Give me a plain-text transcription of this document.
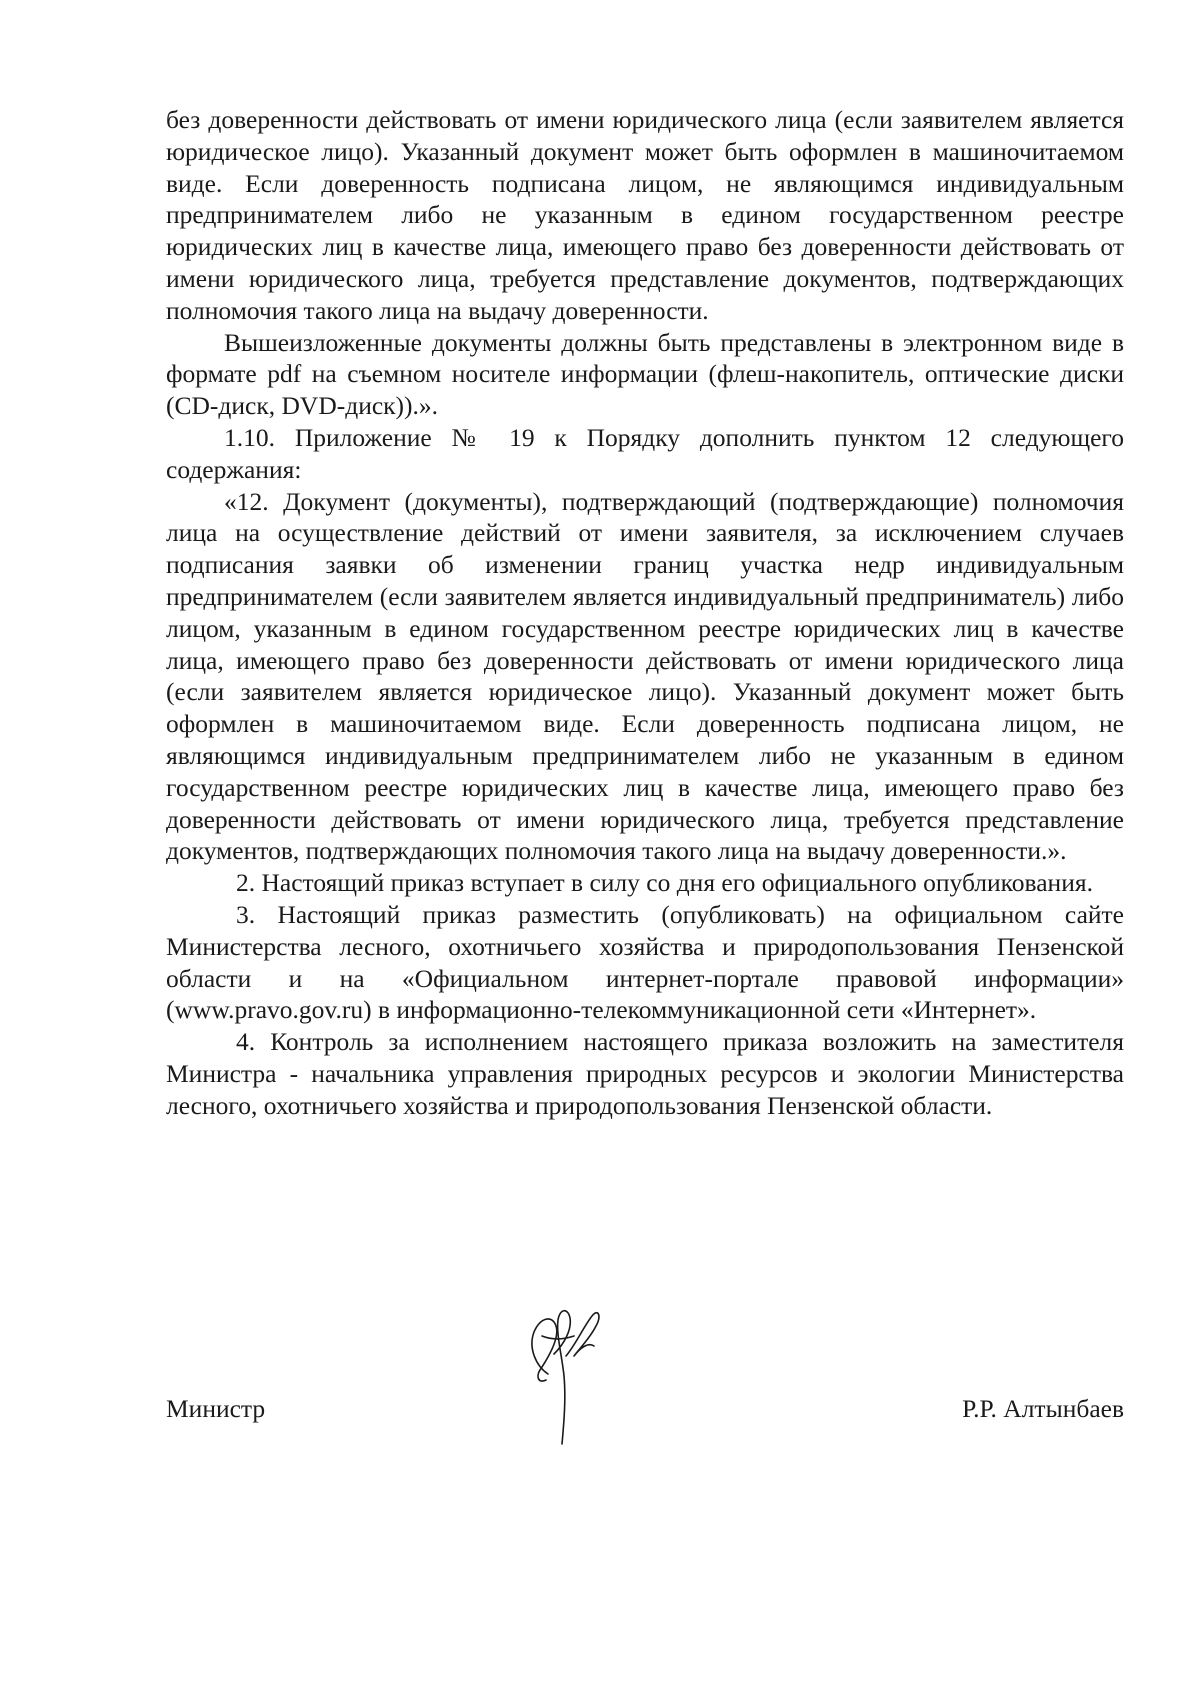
без доверенности действовать от имени юридического лица (если заявителем является юридическое лицо). Указанный документ может быть оформлен в машиночитаемом виде. Если доверенность подписана лицом, не являющимся индивидуальным предпринимателем либо не указанным в едином государственном реестре юридических лиц в качестве лица, имеющего право без доверенности действовать от имени юридического лица, требуется представление документов, подтверждающих полномочия такого лица на выдачу доверенности.

Вышеизложенные документы должны быть представлены в электронном виде в формате pdf на съемном носителе информации (флеш-накопитель, оптические диски (CD-диск, DVD-диск)).».

1.10. Приложение № 19 к Порядку дополнить пунктом 12 следующего содержания:

«12. Документ (документы), подтверждающий (подтверждающие) полномочия лица на осуществление действий от имени заявителя, за исключением случаев подписания заявки об изменении границ участка недр индивидуальным предпринимателем (если заявителем является индивидуальный предприниматель) либо лицом, указанным в едином государственном реестре юридических лиц в качестве лица, имеющего право без доверенности действовать от имени юридического лица (если заявителем является юридическое лицо). Указанный документ может быть оформлен в машиночитаемом виде. Если доверенность подписана лицом, не являющимся индивидуальным предпринимателем либо не указанным в едином государственном реестре юридических лиц в качестве лица, имеющего право без доверенности действовать от имени юридического лица, требуется представление документов, подтверждающих полномочия такого лица на выдачу доверенности.».

2. Настоящий приказ вступает в силу со дня его официального опубликования.

3. Настоящий приказ разместить (опубликовать) на официальном сайте Министерства лесного, охотничьего хозяйства и природопользования Пензенской области и на «Официальном интернет-портале правовой информации» (www.pravo.gov.ru) в информационно-телекоммуникационной сети «Интернет».

4. Контроль за исполнением настоящего приказа возложить на заместителя Министра - начальника управления природных ресурсов и экологии Министерства лесного, охотничьего хозяйства и природопользования Пензенской области.

Министр	Р.Р. Алтынбаев
